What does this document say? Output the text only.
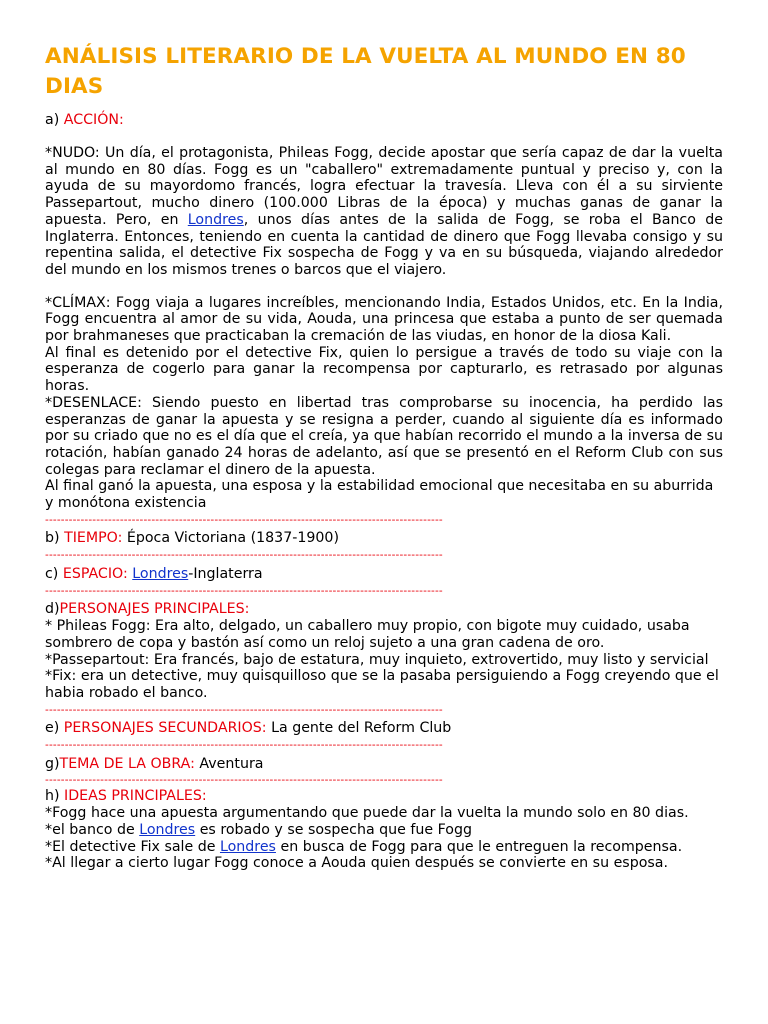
ANÁLISIS LITERARIO DE LA VUELTA AL MUNDO EN 80 DIAS

a) ACCIÓN:

*NUDO: Un día, el protagonista, Phileas Fogg, decide apostar que sería capaz de dar la vuelta al mundo en 80 días. Fogg es un "caballero" extremadamente puntual y preciso y, con la ayuda de su mayordomo francés, logra efectuar la travesía. Lleva con él a su sirviente Passepartout, mucho dinero (100.000 Libras de la época) y muchas ganas de ganar la apuesta. Pero, en Londres, unos días antes de la salida de Fogg, se roba el Banco de Inglaterra. Entonces, teniendo en cuenta la cantidad de dinero que Fogg llevaba consigo y su repentina salida, el detective Fix sospecha de Fogg y va en su búsqueda, viajando alrededor del mundo en los mismos trenes o barcos que el viajero.

*CLÍMAX: Fogg viaja a lugares increíbles, mencionando India, Estados Unidos, etc. En la India, Fogg encuentra al amor de su vida, Aouda, una princesa que estaba a punto de ser quemada por brahmaneses que practicaban la cremación de las viudas, en honor de la diosa Kali.

Al final es detenido por el detective Fix, quien lo persigue a través de todo su viaje con la esperanza de cogerlo para ganar la recompensa por capturarlo, es retrasado por algunas horas.

*DESENLACE: Siendo puesto en libertad tras comprobarse su inocencia, ha perdido las esperanzas de ganar la apuesta y se resigna a perder, cuando al siguiente día es informado por su criado que no es el día que el creía, ya que habían recorrido el mundo a la inversa de su rotación, habían ganado 24 horas de adelanto, así que se presentó en el Reform Club con sus colegas para reclamar el dinero de la apuesta.

Al final ganó la apuesta, una esposa y la estabilidad emocional que necesitaba en su aburrida y monótona existencia

-----------------------------------------------------------------------------------------------------

b) TIEMPO: Época Victoriana (1837-1900)

-----------------------------------------------------------------------------------------------------

c) ESPACIO: Londres-Inglaterra

-----------------------------------------------------------------------------------------------------

d)PERSONAJES PRINCIPALES:

* Phileas Fogg: Era alto, delgado, un caballero muy propio, con bigote muy cuidado, usaba sombrero de copa y bastón así como un reloj sujeto a una gran cadena de oro.

*Passepartout: Era francés, bajo de estatura, muy inquieto, extrovertido, muy listo y servicial

*Fix: era un detective, muy quisquilloso que se la pasaba persiguiendo a Fogg creyendo que el habia robado el banco.

-----------------------------------------------------------------------------------------------------

e) PERSONAJES SECUNDARIOS: La gente del Reform Club

-----------------------------------------------------------------------------------------------------

g)TEMA DE LA OBRA: Aventura

-----------------------------------------------------------------------------------------------------

h) IDEAS PRINCIPALES:

*Fogg hace una apuesta argumentando que puede dar la vuelta la mundo solo en 80 dias.

*el banco de Londres es robado y se sospecha que fue Fogg

*El detective Fix sale de Londres en busca de Fogg para que le entreguen la recompensa.

*Al llegar a cierto lugar Fogg conoce a Aouda quien después se convierte en su esposa.
